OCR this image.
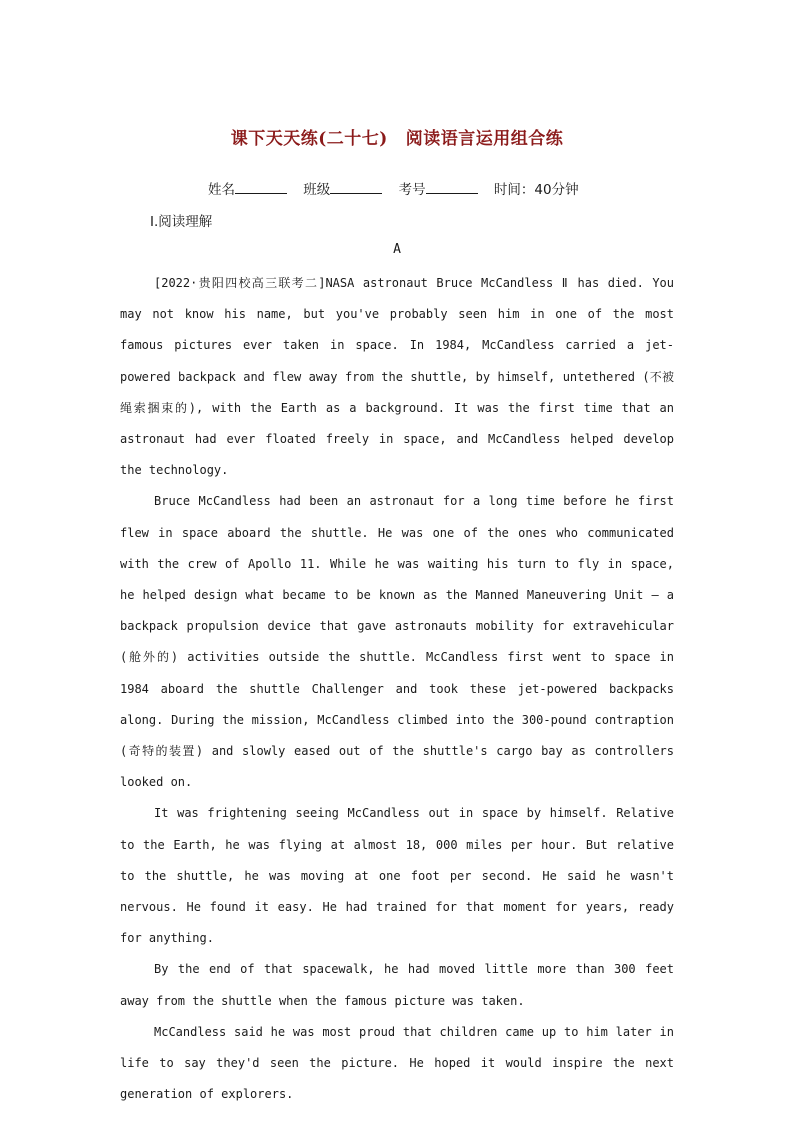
课下天天练(二十七) 阅读语言运用组合练
姓名	班级	考号	时间：40分钟
Ⅰ.阅读理解
A

[2022·贵阳四校高三联考二]NASA astronaut Bruce McCandless Ⅱ has died. You may not know his name, but you've probably seen him in one of the most famous pictures ever taken in space. In 1984, McCandless carried a jet-powered backpack and flew away from the shuttle, by himself, untethered (不被绳索捆束的), with the Earth as a background. It was the first time that an astronaut had ever floated freely in space, and McCandless helped develop the technology.

Bruce McCandless had been an astronaut for a long time before he first flew in space aboard the shuttle. He was one of the ones who communicated with the crew of Apollo 11. While he was waiting his turn to fly in space, he helped design what became to be known as the Manned Maneuvering Unit — a backpack propulsion device that gave astronauts mobility for extravehicular (舱外的) activities outside the shuttle. McCandless first went to space in 1984 aboard the shuttle Challenger and took these jet-powered backpacks along. During the mission, McCandless climbed into the 300-pound contraption (奇特的装置) and slowly eased out of the shuttle's cargo bay as controllers looked on.

It was frightening seeing McCandless out in space by himself. Relative to the Earth, he was flying at almost 18, 000 miles per hour. But relative to the shuttle, he was moving at one foot per second. He said he wasn't nervous. He found it easy. He had trained for that moment for years, ready for anything.

By the end of that spacewalk, he had moved little more than 300 feet away from the shuttle when the famous picture was taken.

McCandless said he was most proud that children came up to him later in life to say they'd seen the picture. He hoped it would inspire the next generation of explorers.
